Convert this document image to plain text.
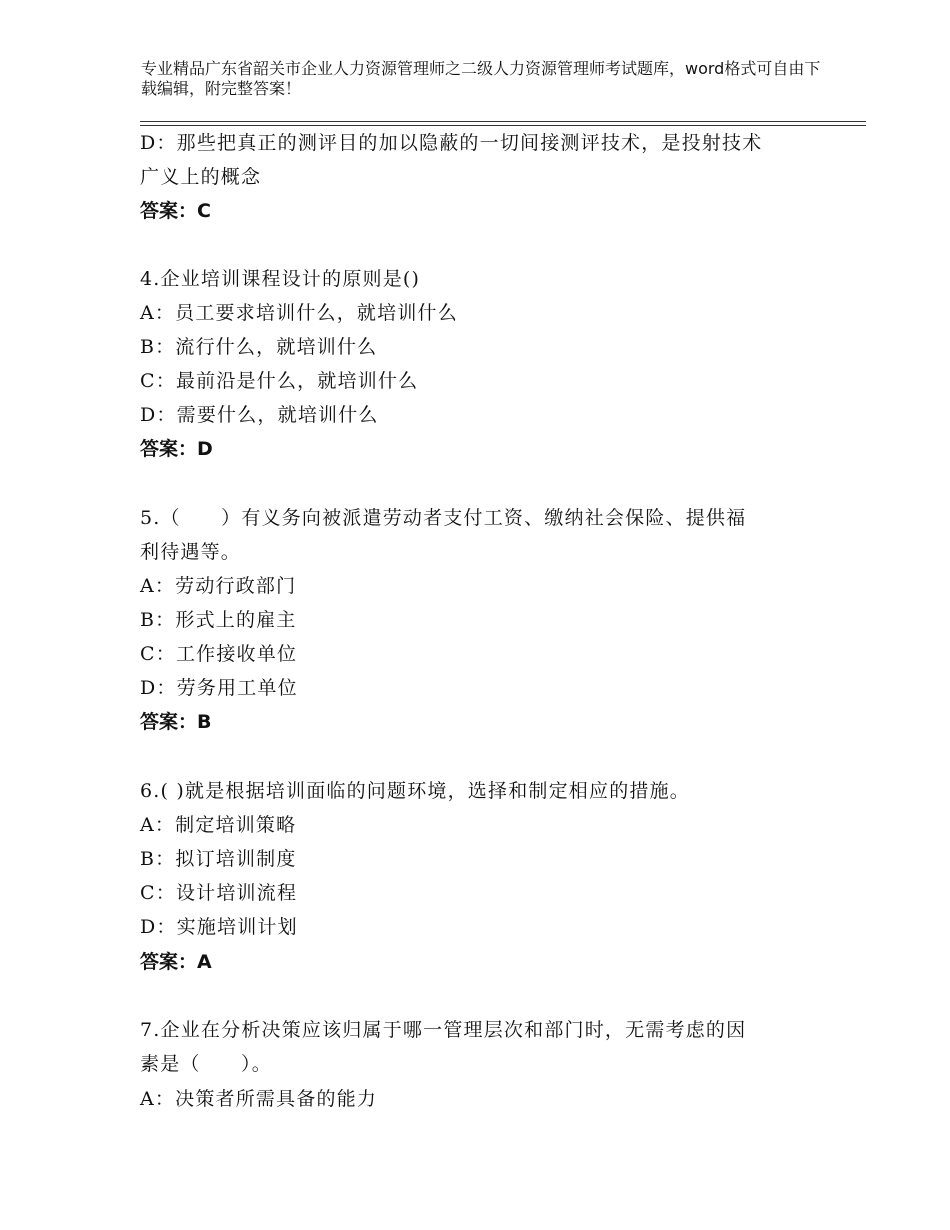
专业精品广东省韶关市企业人力资源管理师之二级人力资源管理师考试题库，word格式可自由下载编辑，附完整答案！
D：那些把真正的测评目的加以隐蔽的一切间接测评技术，是投射技术
广义上的概念
答案：C
4.企业培训课程设计的原则是()
A：员工要求培训什么，就培训什么
B：流行什么，就培训什么
C：最前沿是什么，就培训什么
D：需要什么，就培训什么
答案：D
5.（　　）有义务向被派遣劳动者支付工资、缴纳社会保险、提供福
利待遇等。
A：劳动行政部门
B：形式上的雇主
C：工作接收单位
D：劳务用工单位
答案：B
6.( )就是根据培训面临的问题环境，选择和制定相应的措施。
A：制定培训策略
B：拟订培训制度
C：设计培训流程
D：实施培训计划
答案：A
7.企业在分析决策应该归属于哪一管理层次和部门时，无需考虑的因
素是（　　）。
A：决策者所需具备的能力
